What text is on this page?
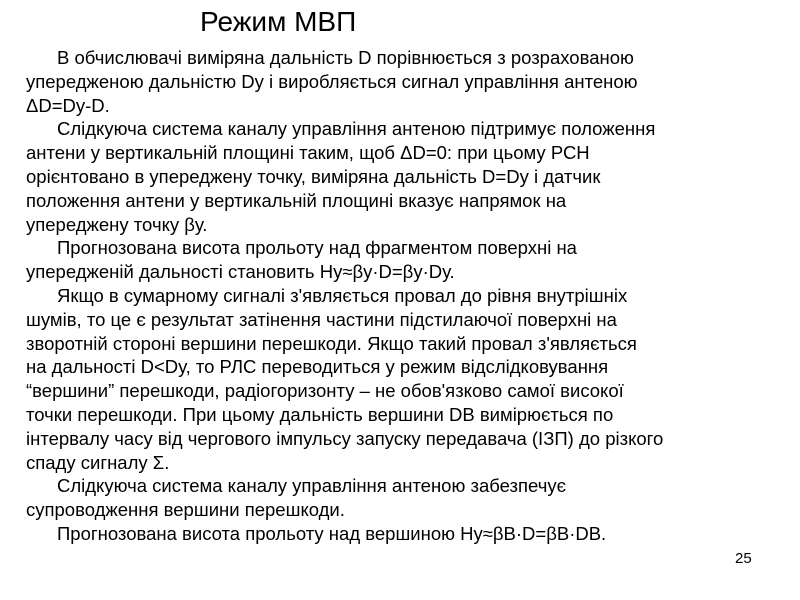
Режим МВП

В обчислювачі виміряна дальність D порівнюється з розрахованою
упередженою дальністю Dу і виробляється сигнал управління антеною
ΔD=Dу-D.

Слідкуюча система каналу управління антеною підтримує положення
антени у вертикальній площині таким, щоб ΔD=0: при цьому РСН
орієнтовано в упереджену точку, виміряна дальність D=Dу і датчик
положення антени у вертикальній площині вказує напрямок на
упереджену точку βу.

Прогнозована висота прольоту над фрагментом поверхні на
упередженій дальності становить Hу≈βу·D=βу·Dу.

Якщо в сумарному сигналі з'являється провал до рівня внутрішніх
шумів, то це є результат затінення частини підстилаючої поверхні на
зворотній стороні вершини перешкоди. Якщо такий провал з'являється
на дальності D<Dу, то РЛС переводиться у режим відслідковування
“вершини” перешкоди, радіогоризонту – не обов'язково самої високої
точки перешкоди. При цьому дальність вершини DВ вимірюється по
інтервалу часу від чергового імпульсу запуску передавача (ІЗП) до різкого
спаду сигналу Σ.

Слідкуюча система каналу управління антеною забезпечує
супроводження вершини перешкоди.

Прогнозована висота прольоту над вершиною Hу≈βВ·D=βВ·DВ.

25
